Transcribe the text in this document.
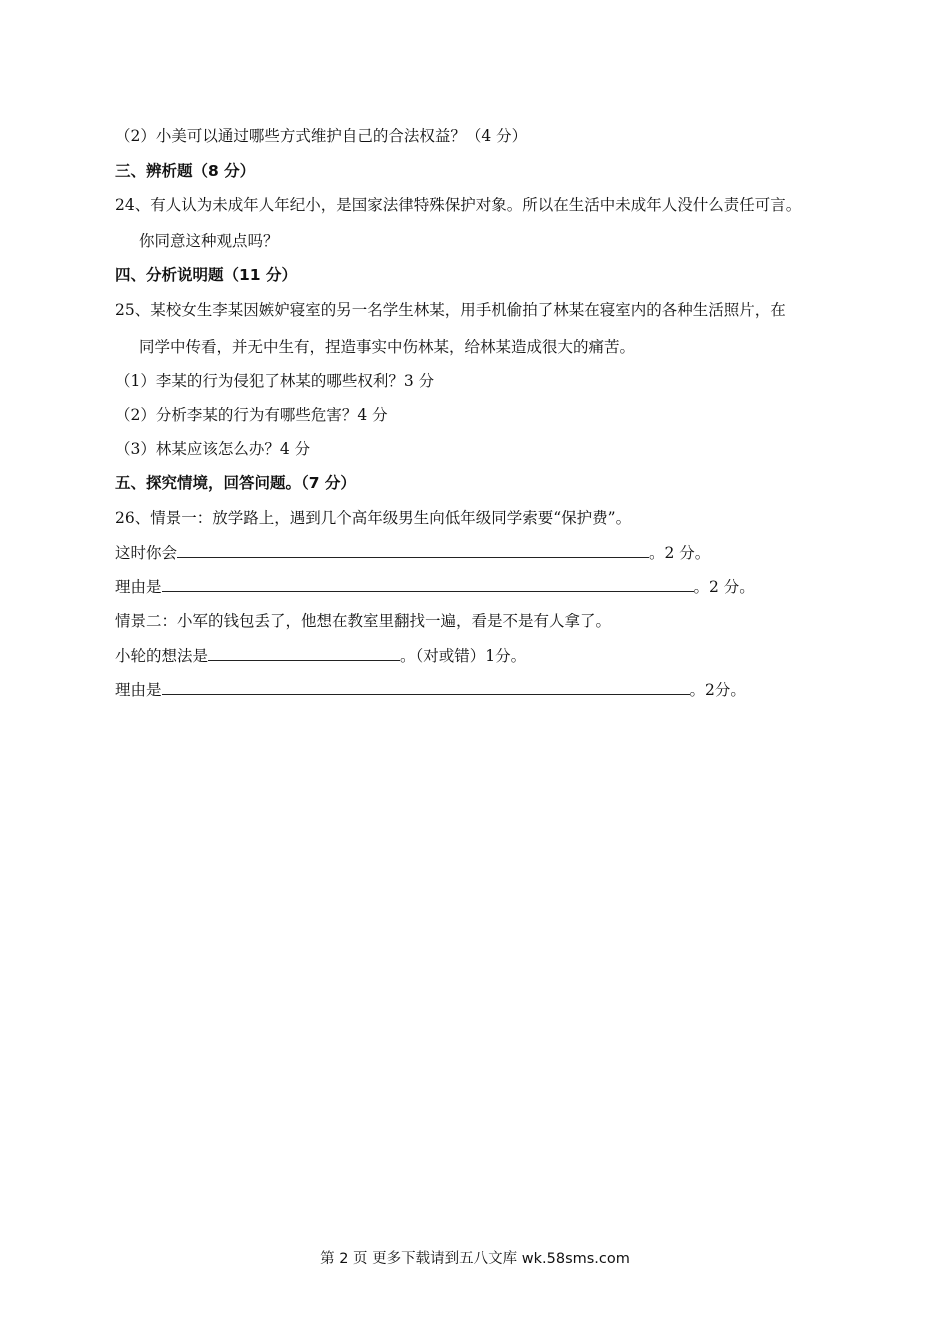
（2）小美可以通过哪些方式维护自己的合法权益？（4 分）
三、辨析题（8 分）
24、有人认为未成年人年纪小，是国家法律特殊保护对象。所以在生活中未成年人没什么责任可言。
你同意这种观点吗？
四、分析说明题（11 分）
25、某校女生李某因嫉妒寝室的另一名学生林某，用手机偷拍了林某在寝室内的各种生活照片，在
同学中传看，并无中生有，捏造事实中伤林某，给林某造成很大的痛苦。
（1）李某的行为侵犯了林某的哪些权利？3 分
（2）分析李某的行为有哪些危害？4 分
（3）林某应该怎么办？4 分
五、探究情境，回答问题。（7 分）
26、情景一：放学路上，遇到几个高年级男生向低年级同学索要“保护费”。
这时你会	。2 分。
理由是	。2 分。
情景二：小军的钱包丢了，他想在教室里翻找一遍，看是不是有人拿了。
小轮的想法是	。（对或错）1分。
理由是	。2分。
第 2 页 更多下载请到五八文库 wk.58sms.com
